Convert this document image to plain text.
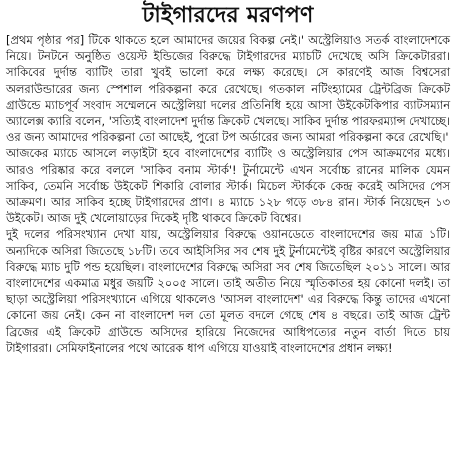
টাইগারদের মরণপণ

[প্রথম পৃষ্ঠার পর] টিকে থাকতে হলে আমাদের জয়ের বিকল্প নেই।' অস্ট্রেলিয়াও সতর্ক বাংলাদেশকে নিয়ে। টনটনে অনুষ্ঠিত ওয়েস্ট ইন্ডিজের বিরুদ্ধে টাইগারদের ম্যাচটি দেখেছে অসি ক্রিকেটাররা। সাকিবের দুর্দান্ত ব্যাটিং তারা খুবই ভালো করে লক্ষ্য করেছে। সে কারণেই আজ বিশ্বসেরা অলরাউন্ডারের জন্য স্পেশাল পরিকল্পনা করে রেখেছে। গতকাল নটিংহ্যামের ট্রেন্টব্রিজ ক্রিকেট গ্রাউন্ডে ম্যাচপূর্ব সংবাদ সম্মেলনে অস্ট্রেলিয়া দলের প্রতিনিধি হয়ে আসা উইকেটকিপার ব্যাটসম্যান অ্যালেক্স ক্যারি বলেন, 'সত্যিই বাংলাদেশ দুর্দান্ত ক্রিকেট খেলছে। সাকিব দুর্দান্ত পারফরম্যান্স দেখাচ্ছে। ওর জন্য আমাদের পরিকল্পনা তো আছেই, পুরো টপ অর্ডারের জন্য আমরা পরিকল্পনা করে রেখেছি।'

আজকের ম্যাচে আসলে লড়াইটা হবে বাংলাদেশের ব্যাটিং ও অস্ট্রেলিয়ার পেস আক্রমণের মধ্যে। আরও পরিষ্কার করে বললে 'সাকিব বনাম স্টার্ক'! টুর্নামেন্টে এখন সর্বোচ্চ রানের মালিক যেমন সাকিব, তেমনি সর্বোচ্চ উইকেট শিকারি বোলার স্টার্ক। মিচেল স্টার্ককে কেন্দ্র করেই অসিদের পেস আক্রমণ। আর সাকিব হচ্ছে টাইগারদের প্রাণ। ৪ ম্যাচে ১২৮ গড়ে ৩৮৪ রান। স্টার্ক নিয়েছেন ১৩ উইকেট। আজ দুই খেলোয়াড়ের দিকেই দৃষ্টি থাকবে ক্রিকেট বিশ্বের।

দুই দলের পরিসংখ্যান দেখা যায়, অস্ট্রেলিয়ার বিরুদ্ধে ওয়ানডেতে বাংলাদেশের জয় মাত্র ১টি। অন্যদিকে অসিরা জিতেছে ১৮টি। তবে আইসিসির সব শেষ দুই টুর্নামেন্টেই বৃষ্টির কারণে অস্ট্রেলিয়ার বিরুদ্ধে ম্যাচ দুটি পন্ড হয়েছিল। বাংলাদেশের বিরুদ্ধে অসিরা সব শেষ জিতেছিল ২০১১ সালে। আর বাংলাদেশের একমাত্র মধুর জয়টি ২০০৫ সালে। তাই অতীত নিয়ে স্মৃতিকাতর হয় কোনো দলই। তা ছাড়া অস্ট্রেলিয়া পরিসংখ্যানে এগিয়ে থাকলেও 'আসল বাংলাদেশ' এর বিরুদ্ধে কিন্তু তাদের এখনো কোনো জয় নেই। কেন না বাংলাদেশ দল তো মূলত বদলে গেছে শেষ ৪ বছরে। তাই আজ ট্রেন্ট ব্রিজের এই ক্রিকেট গ্রাউন্ডে অসিদের হারিয়ে নিজেদের আধিপত্যের নতুন বার্তা দিতে চায় টাইগাররা। সেমিফাইনালের পথে আরেক ধাপ এগিয়ে যাওয়াই বাংলাদেশের প্রধান লক্ষ্য!
